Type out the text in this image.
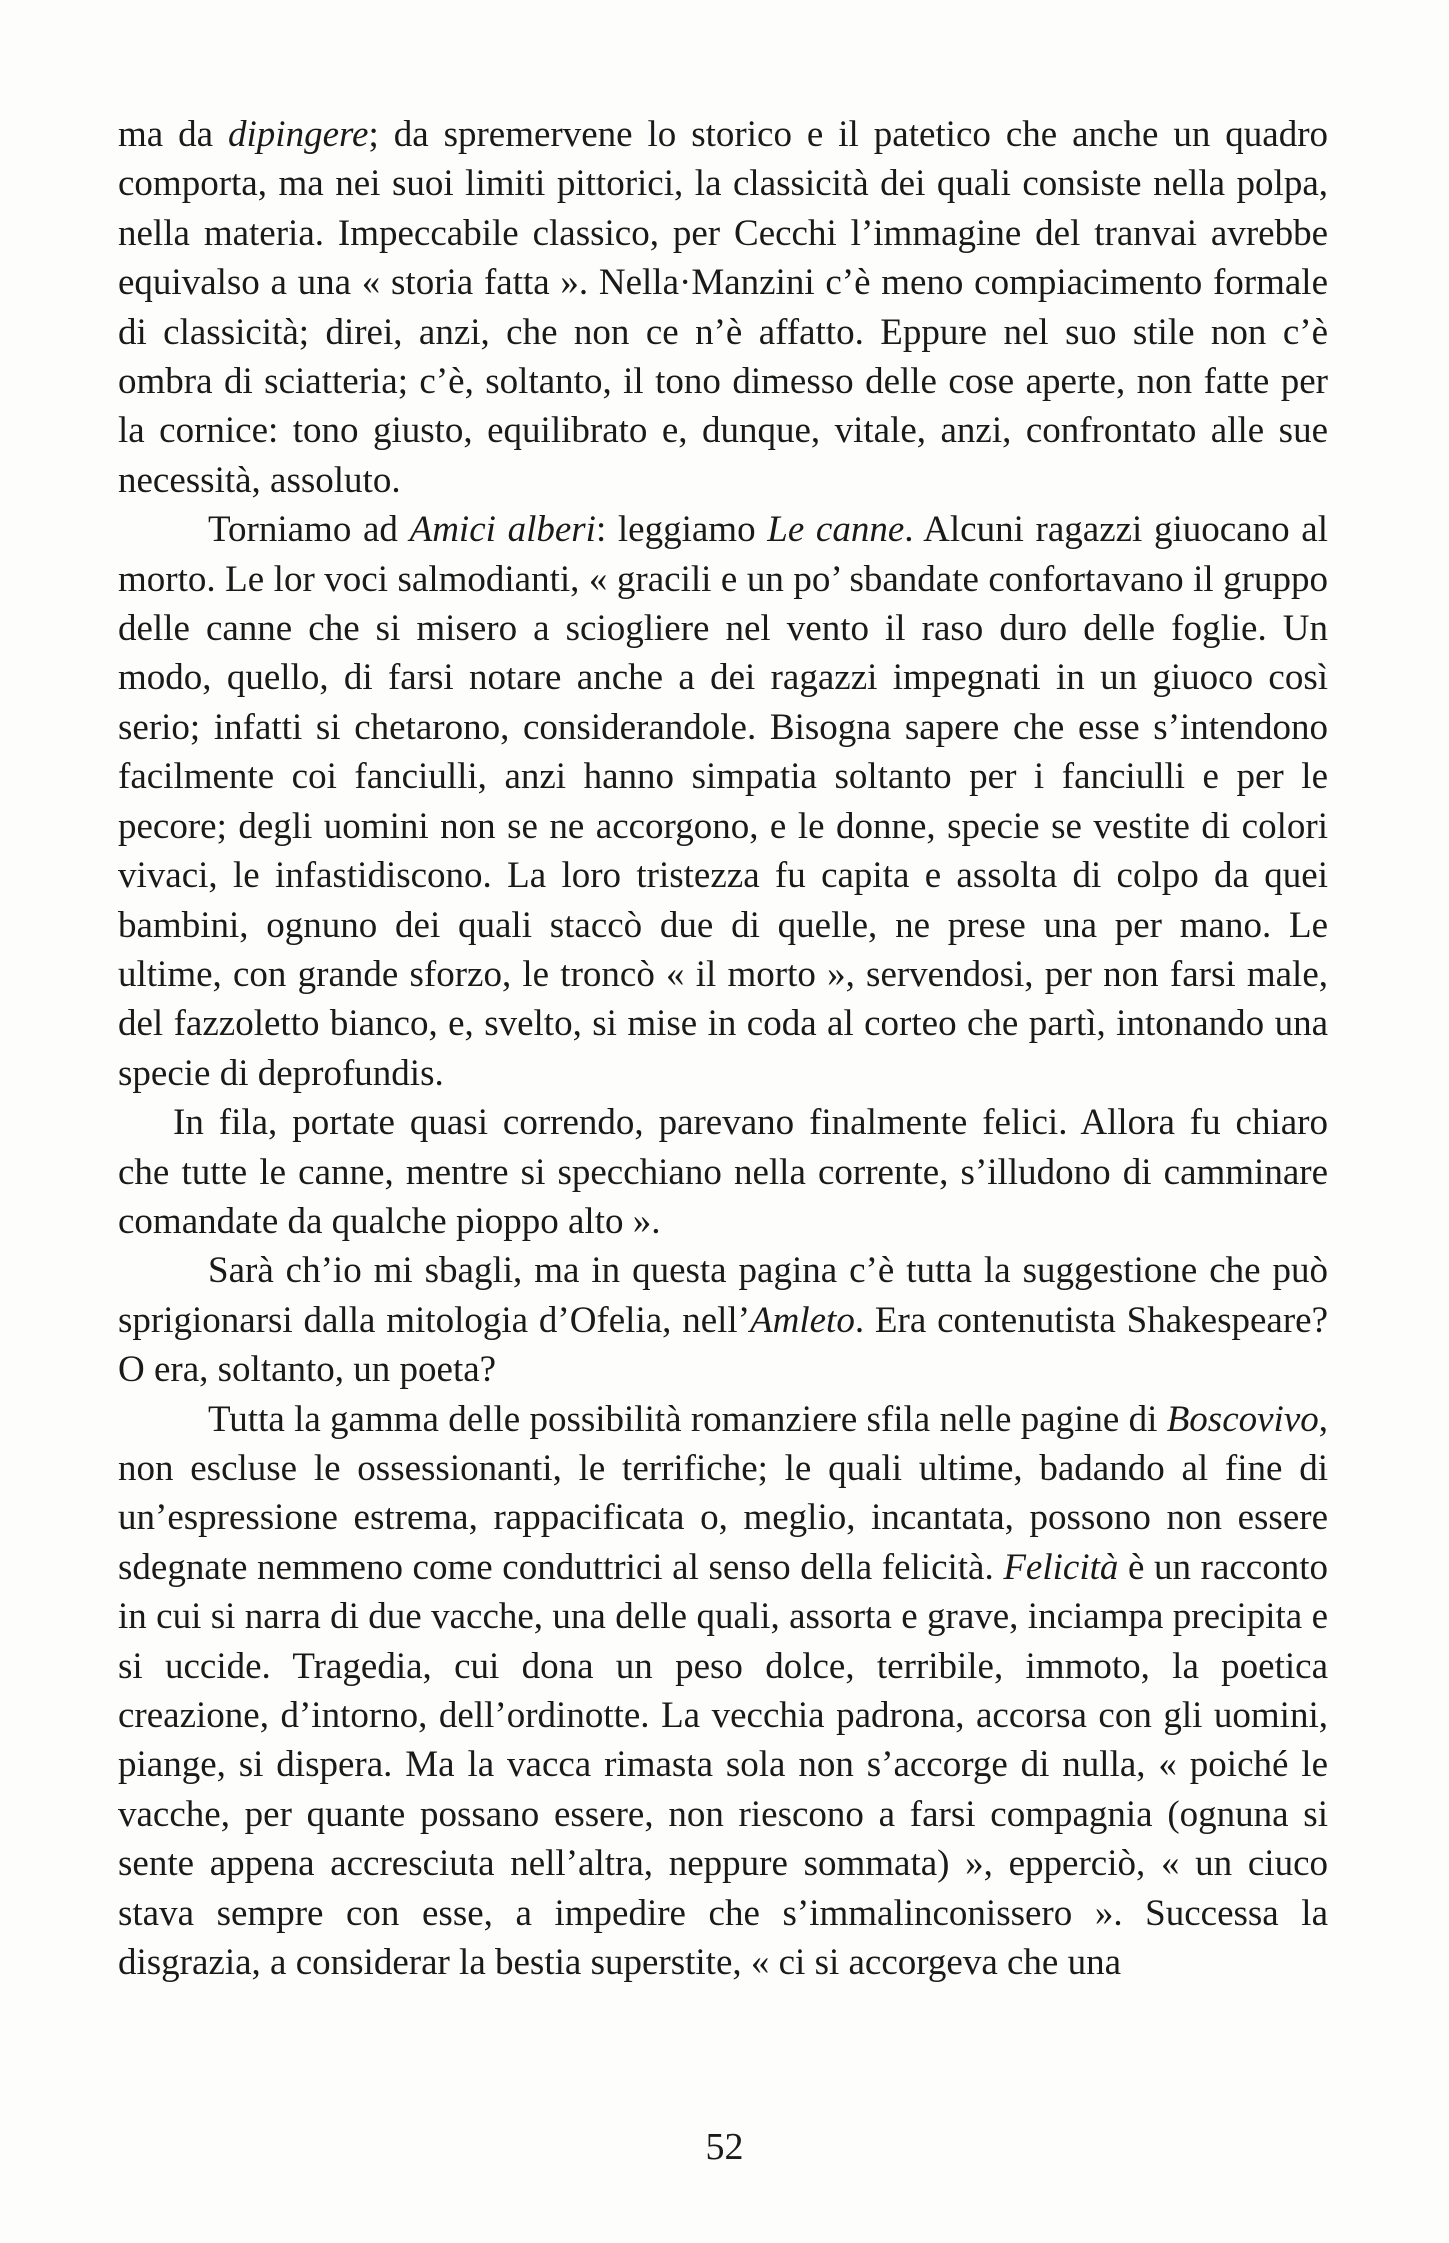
ma da dipingere; da spremervene lo storico e il patetico che anche un quadro comporta, ma nei suoi limiti pittorici, la classicità dei quali consiste nella polpa, nella materia. Impeccabile classico, per Cecchi l’immagine del tranvai avrebbe equivalso a una « storia fatta ». Nella·Manzini c’è meno compiacimento formale di classicità; direi, anzi, che non ce n’è affatto. Eppure nel suo stile non c’è ombra di sciatteria; c’è, soltanto, il tono dimesso delle cose aperte, non fatte per la cornice: tono giusto, equilibrato e, dunque, vitale, anzi, confrontato alle sue necessità, assoluto.

Torniamo ad Amici alberi: leggiamo Le canne. Alcuni ragazzi giuocano al morto. Le lor voci salmodianti, « gracili e un po’ sbandate confortavano il gruppo delle canne che si misero a sciogliere nel vento il raso duro delle foglie. Un modo, quello, di farsi notare anche a dei ragazzi impegnati in un giuoco così serio; infatti si chetarono, considerandole. Bisogna sapere che esse s’intendono facilmente coi fanciulli, anzi hanno simpatia soltanto per i fanciulli e per le pecore; degli uomini non se ne accorgono, e le donne, specie se vestite di colori vivaci, le infastidiscono. La loro tristezza fu capita e assolta di colpo da quei bambini, ognuno dei quali staccò due di quelle, ne prese una per mano. Le ultime, con grande sforzo, le troncò « il morto », servendosi, per non farsi male, del fazzoletto bianco, e, svelto, si mise in coda al corteo che partì, intonando una specie di deprofundis.

In fila, portate quasi correndo, parevano finalmente felici. Allora fu chiaro che tutte le canne, mentre si specchiano nella corrente, s’illudono di camminare comandate da qualche pioppo alto ».

Sarà ch’io mi sbagli, ma in questa pagina c’è tutta la suggestione che può sprigionarsi dalla mitologia d’Ofelia, nell’Amleto. Era contenutista Shakespeare? O era, soltanto, un poeta?

Tutta la gamma delle possibilità romanziere sfila nelle pagine di Boscovivo, non escluse le ossessionanti, le terrifiche; le quali ultime, badando al fine di un’espressione estrema, rappacificata o, meglio, incantata, possono non essere sdegnate nemmeno come conduttrici al senso della felicità. Felicità è un racconto in cui si narra di due vacche, una delle quali, assorta e grave, inciampa precipita e si uccide. Tragedia, cui dona un peso dolce, terribile, immoto, la poetica creazione, d’intorno, dell’ordinotte. La vecchia padrona, accorsa con gli uomini, piange, si dispera. Ma la vacca rimasta sola non s’accorge di nulla, « poiché le vacche, per quante possano essere, non riescono a farsi compagnia (ognuna si sente appena accresciuta nell’altra, neppure sommata) », epperciò, « un ciuco stava sempre con esse, a impedire che s’immalinconissero ». Successa la disgrazia, a considerar la bestia superstite, « ci si accorgeva che una

52
